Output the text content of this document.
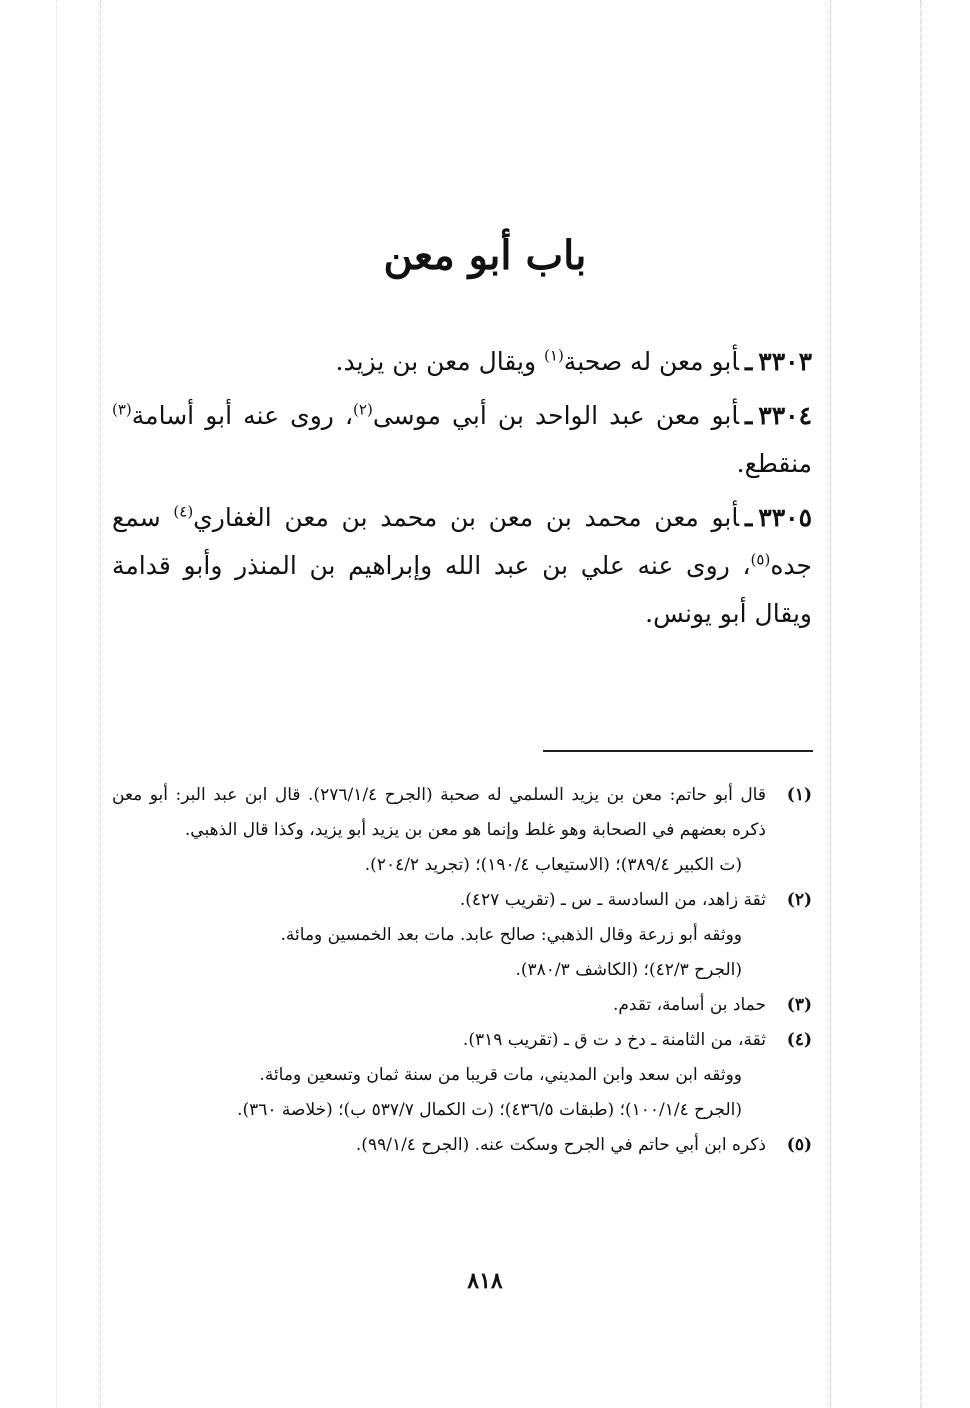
باب أبو معن

٣٣٠٣ـأبو معن له صحبة$^{(١)}$ ويقال معن بن يزيد.

٣٣٠٤ـأبو معن عبد الواحد بن أبي موسى$^{(٢)}$، روى عنه أبو أسامة$^{(٣)}$ منقطع.

٣٣٠٥ـأبو معن محمد بن معن بن محمد بن معن الغفاري$^{(٤)}$ سمع جده$^{(٥)}$، روى عنه علي بن عبد الله وإبراهيم بن المنذر وأبو قدامة ويقال أبو يونس.

(١)
قال أبو حاتم: معن بن يزيد السلمي له صحبة (الجرح ٢٧٦/١/٤). قال ابن عبد البر: أبو معن ذكره بعضهم في الصحابة وهو غلط وإنما هو معن بن يزيد أبو يزيد، وكذا قال الذهبي.
(ت الكبير ٣٨٩/٤)؛ (الاستيعاب ١٩٠/٤)؛ (تجريد ٢٠٤/٢).
(٢)
ثقة زاهد، من السادسة ـ س ـ (تقريب ٤٢٧).
ووثقه أبو زرعة وقال الذهبي: صالح عابد. مات بعد الخمسين ومائة.
(الجرح ٤٢/٣)؛ (الكاشف ٣٨٠/٣).
(٣)
حماد بن أسامة، تقدم.
(٤)
ثقة، من الثامنة ـ دخ د ت ق ـ (تقريب ٣١٩).
ووثقه ابن سعد وابن المديني، مات قريبا من سنة ثمان وتسعين ومائة.
(الجرح ١٠٠/١/٤)؛ (طبقات ٤٣٦/٥)؛ (ت الكمال ٥٣٧/٧ ب)؛ (خلاصة ٣٦٠).
(٥)
ذكره ابن أبي حاتم في الجرح وسكت عنه. (الجرح ٩٩/١/٤).
٨١٨
